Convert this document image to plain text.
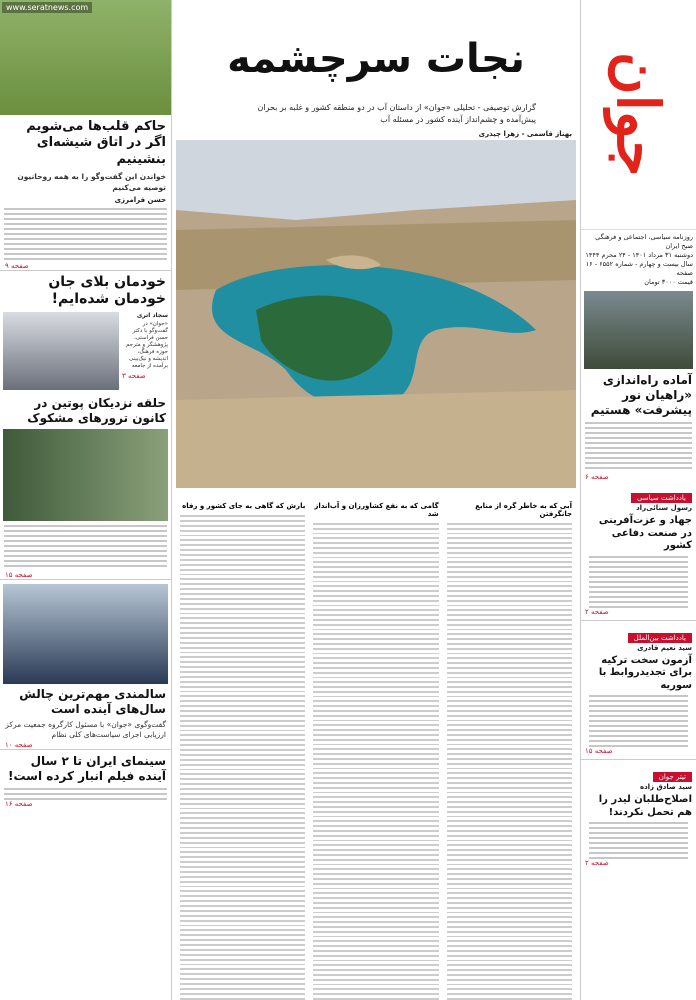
جوان
روزنامه سیاسی، اجتماعی و فرهنگی صبح ایران
دوشنبه ۳۱ مرداد ۱۴۰۱ - ۲۴ محرم ۱۴۴۴
سال بیست و چهارم - شماره ۶۵۵۲ - ۱۶ صفحه
قیمت ۳۰۰۰ تومان
آماده راه‌اندازی «راهیان نور پیشرفت» هستیم
صفحه ۶
یادداشت سیاسی
رسول سنائی‌راد
جهاد و عزت‌آفرینی در صنعت دفاعی کشور
صفحه ۲
یادداشت بین‌الملل
سید نعیم قادری
آزمون سخت ترکیه برای تجدیدروابط با سوریه
صفحه ۱۵
تیتر جوان
سید صادق زاده
اصلاح‌طلبان لیدر را هم تحمل نکردند!
صفحه ۲
نجات سرچشمه
گزارش توصیفی - تحلیلی «جوان» از داستان آب در دو منطقه کشور و غلبه بر بحران پیش‌آمده و چشم‌انداز آینده کشور در مسئله آب
بهناز قاسمی - زهرا چیذری
آبی که به خاطر گره از منابع جانگرفتن
گامی که به نفع کشاورزان و آب‌انداز شد
بارش که گاهی به جای کشور و رفاه
www.seratnews.com
حاکم قلب‌ها می‌شویم اگر در اتاق شیشه‌ای بنشینیم
خواندن این گفت‌وگو را به همه روحانیون توصیه می‌کنیم
حسن فرامرزی
صفحه ۹
خودمان بلای جان خودمان شده‌ایم!
سجاد اتری
«جوان» در گفت‌وگو با دکتر حسن فراستی، پژوهشگر و مترجم حوزه فرهنگ، اندیشه و نیک‌بینی برآمده از جامعه
صفحه ۳
حلقه نزدیکان پوتین در کانون ترورهای مشکوک
صفحه ۱۵
سالمندی مهم‌ترین چالش سال‌های آینده است
گفت‌وگوی «جوان» با مسئول کارگروه جمعیت مرکز ارزیابی اجرای سیاست‌های کلی نظام
صفحه ۱۰
سینمای ایران تا ۲ سال آینده فیلم انبار کرده است!
صفحه ۱۶
